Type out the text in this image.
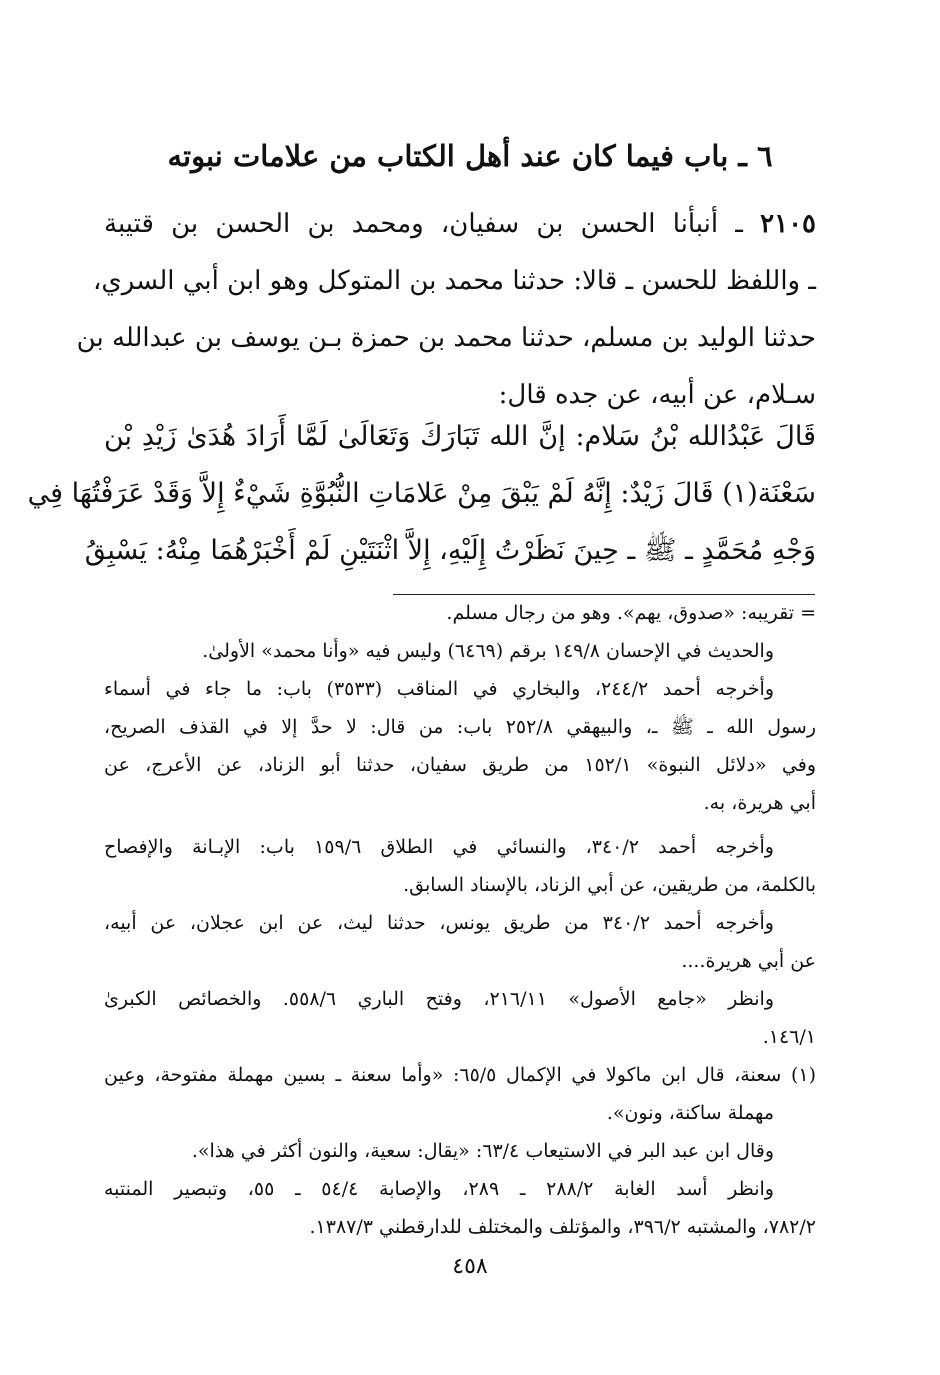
٦ ـ باب فيما كان عند أهل الكتاب من علامات نبوته
٢١٠٥ ـ أنبأنا الحسن بن سفيان، ومحمد بن الحسن بن قتيبة
ـ واللفظ للحسن ـ قالا: حدثنا محمد بن المتوكل وهو ابن أبي السري،
حدثنا الوليد بن مسلم، حدثنا محمد بن حمزة بـن يوسف بن عبدالله بن
سـلام، عن أبيه، عن جده قال:
قَالَ عَبْدُالله بْنُ سَلام: إنَّ الله تَبَارَكَ وَتَعَالَىٰ لَمَّا أَرَادَ هُدَىٰ زَيْدِ بْن
سَعْنَة(١) قَالَ زَيْدٌ: إِنَّهُ لَمْ يَبْقَ مِنْ عَلامَاتِ النُّبُوَّةِ شَيْءٌ إِلاَّ وَقَدْ عَرَفْتُهَا فِي
وَجْهِ مُحَمَّدٍ ـ ﷺ ـ حِينَ نَظَرْتُ إِلَيْهِ، إِلاَّ اثْنَتَيْنِ لَمْ أَخْبَرْهُمَا مِنْهُ: يَسْبِقُ
= تقريبه: «صدوق، يهم». وهو من رجال مسلم.
والحديث في الإحسان ١٤٩/٨ برقم (٦٤٦٩) وليس فيه «وأنا محمد» الأولىٰ.
وأخرجه أحمد ٢٤٤/٢، والبخاري في المناقب (٣٥٣٣) باب: ما جاء في أسماء
رسول الله ـ ﷺ ـ، والبيهقي ٢٥٢/٨ باب: من قال: لا حدَّ إلا في القذف الصريح،
وفي «دلائل النبوة» ١٥٢/١ من طريق سفيان، حدثنا أبو الزناد، عن الأعرج، عن
أبي هريرة، به.
وأخرجه أحمد ٣٤٠/٢، والنسائي في الطلاق ١٥٩/٦ باب: الإبـانة والإفصاح
بالكلمة، من طريقين، عن أبي الزناد، بالإسناد السابق.
وأخرجه أحمد ٣٤٠/٢ من طريق يونس، حدثنا ليث، عن ابن عجلان، عن أبيه،
عن أبي هريرة....
وانظر «جامع الأصول» ٢١٦/١١، وفتح الباري ٥٥٨/٦. والخصائص الكبرىٰ
١٤٦/١.
(١) سعنة، قال ابن ماكولا في الإكمال ٦٥/٥: «وأما سعنة ـ بسين مهملة مفتوحة، وعين
مهملة ساكنة، ونون».
وقال ابن عبد البر في الاستيعاب ٦٣/٤: «يقال: سعية، والنون أكثر في هذا».
وانظر أسد الغابة ٢٨٨/٢ ـ ٢٨٩، والإصابة ٥٤/٤ ـ ٥٥، وتبصير المنتبه
٧٨٢/٢، والمشتبه ٣٩٦/٢، والمؤتلف والمختلف للدارقطني ١٣٨٧/٣.
٤٥٨
